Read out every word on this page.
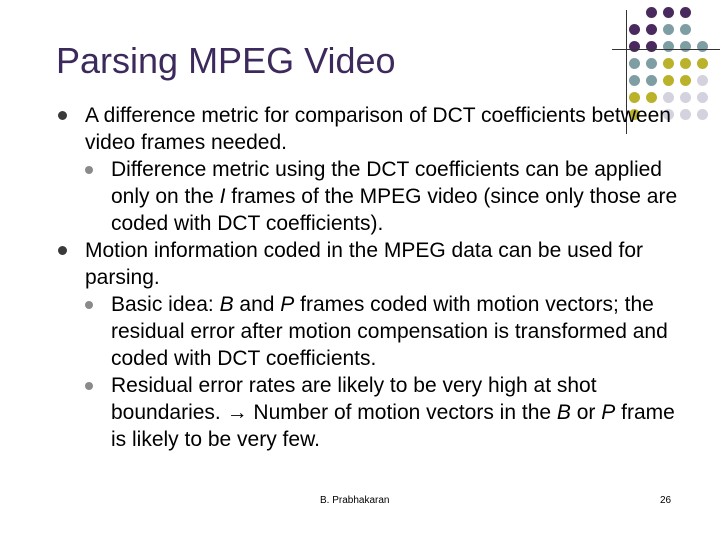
Parsing MPEG Video
A difference metric for comparison of DCT coefficients between video frames needed.
Difference metric using the DCT coefficients can be applied only on the I frames of the MPEG video (since only those are coded with DCT coefficients).
Motion information coded in the MPEG data can be used for parsing.
Basic idea: B and P frames coded with motion vectors; the residual error after motion compensation is transformed and coded with DCT coefficients.
Residual error rates are likely to be very high at shot boundaries. → Number of motion vectors in the B or P frame is likely to be very few.
B. Prabhakaran	26
